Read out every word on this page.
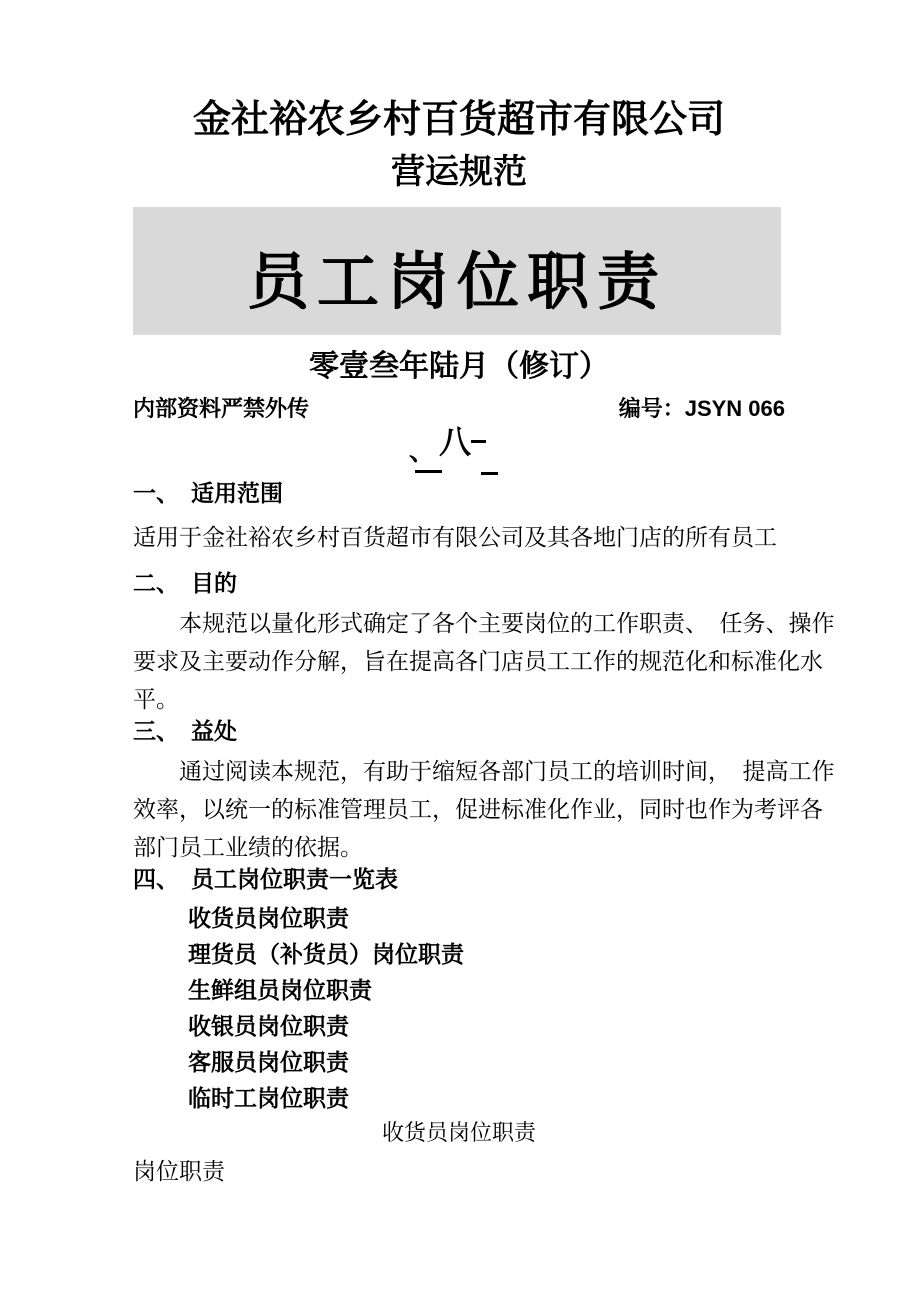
金社裕农乡村百货超市有限公司
营运规范
员工岗位职责
零壹叁年陆月（修订）
内部资料严禁外传	编号：JSYN 066
、 八
一、 适用范围
适用于金社裕农乡村百货超市有限公司及其各地门店的所有员工
二、 目的
本规范以量化形式确定了各个主要岗位的工作职责、　任务、操作
要求及主要动作分解，旨在提高各门店员工工作的规范化和标准化水
平。
三、 益处
通过阅读本规范，有助于缩短各部门员工的培训时间，　提高工作
效率，以统一的标准管理员工，促进标准化作业，同时也作为考评各
部门员工业绩的依据。
四、 员工岗位职责一览表
收货员岗位职责
理货员（补货员）岗位职责
生鲜组员岗位职责
收银员岗位职责
客服员岗位职责
临时工岗位职责
收货员岗位职责
岗位职责
